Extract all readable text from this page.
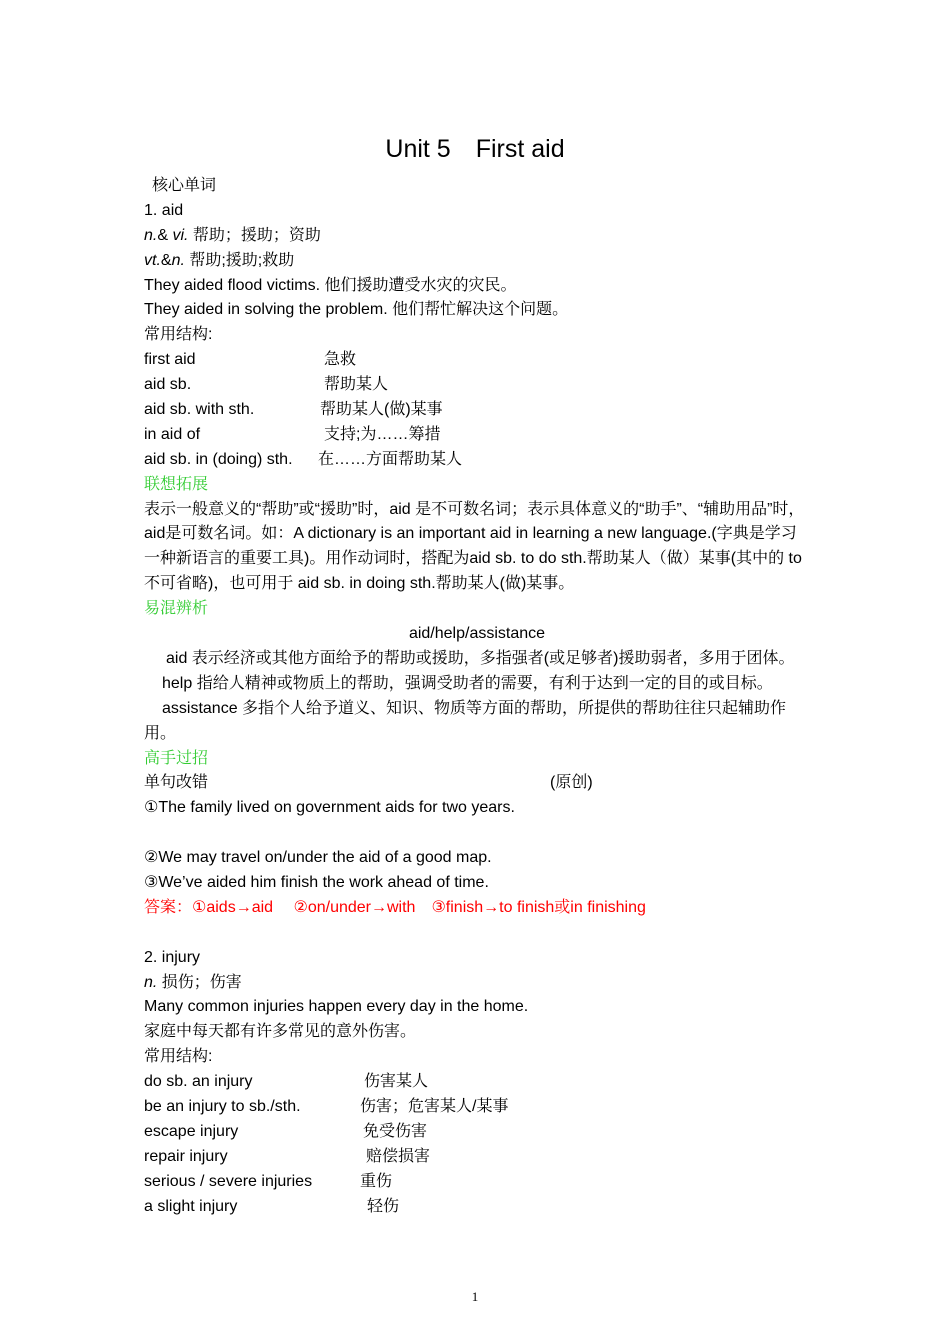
Unit 5　First aid
核心单词
1. aid
n.& vi. 帮助；援助；资助
vt.&n. 帮助;援助;救助
They aided flood victims. 他们援助遭受水灾的灾民。
They aided in solving the problem. 他们帮忙解决这个问题。
常用结构:
first aid	急救
aid sb.	帮助某人
aid sb. with sth.	帮助某人(做)某事
in aid of	支持;为……筹措
aid sb. in (doing) sth. 在……方面帮助某人
联想拓展
表示一般意义的“帮助”或“援助”时，aid 是不可数名词；表示具体意义的“助手”、“辅助用品”时，aid是可数名词。如：A dictionary is an important aid in learning a new language.(字典是学习一种新语言的重要工具)。用作动词时，搭配为aid sb. to do sth.帮助某人（做）某事(其中的 to 不可省略)，也可用于 aid sb. in doing sth.帮助某人(做)某事。
易混辨析
aid/help/assistance
aid 表示经济或其他方面给予的帮助或援助，多指强者(或足够者)援助弱者，多用于团体。
help 指给人精神或物质上的帮助，强调受助者的需要，有利于达到一定的目的或目标。
assistance 多指个人给予道义、知识、物质等方面的帮助，所提供的帮助往往只起辅助作用。
高手过招
单句改错	(原创)
①The family lived on government aids for two years.
②We may travel on/under the aid of a good map.
③We’ve aided him finish the work ahead of time.
答案：①aids→aid　 ②on/under→with　③finish→to finish或in finishing
2. injury
n. 损伤；伤害
Many common injuries happen every day in the home.
家庭中每天都有许多常见的意外伤害。
常用结构:
do sb. an injury	伤害某人
be an injury to sb./sth.	伤害；危害某人/某事
escape injury	免受伤害
repair injury	赔偿损害
serious / severe injuries	重伤
a slight injury	轻伤
1
